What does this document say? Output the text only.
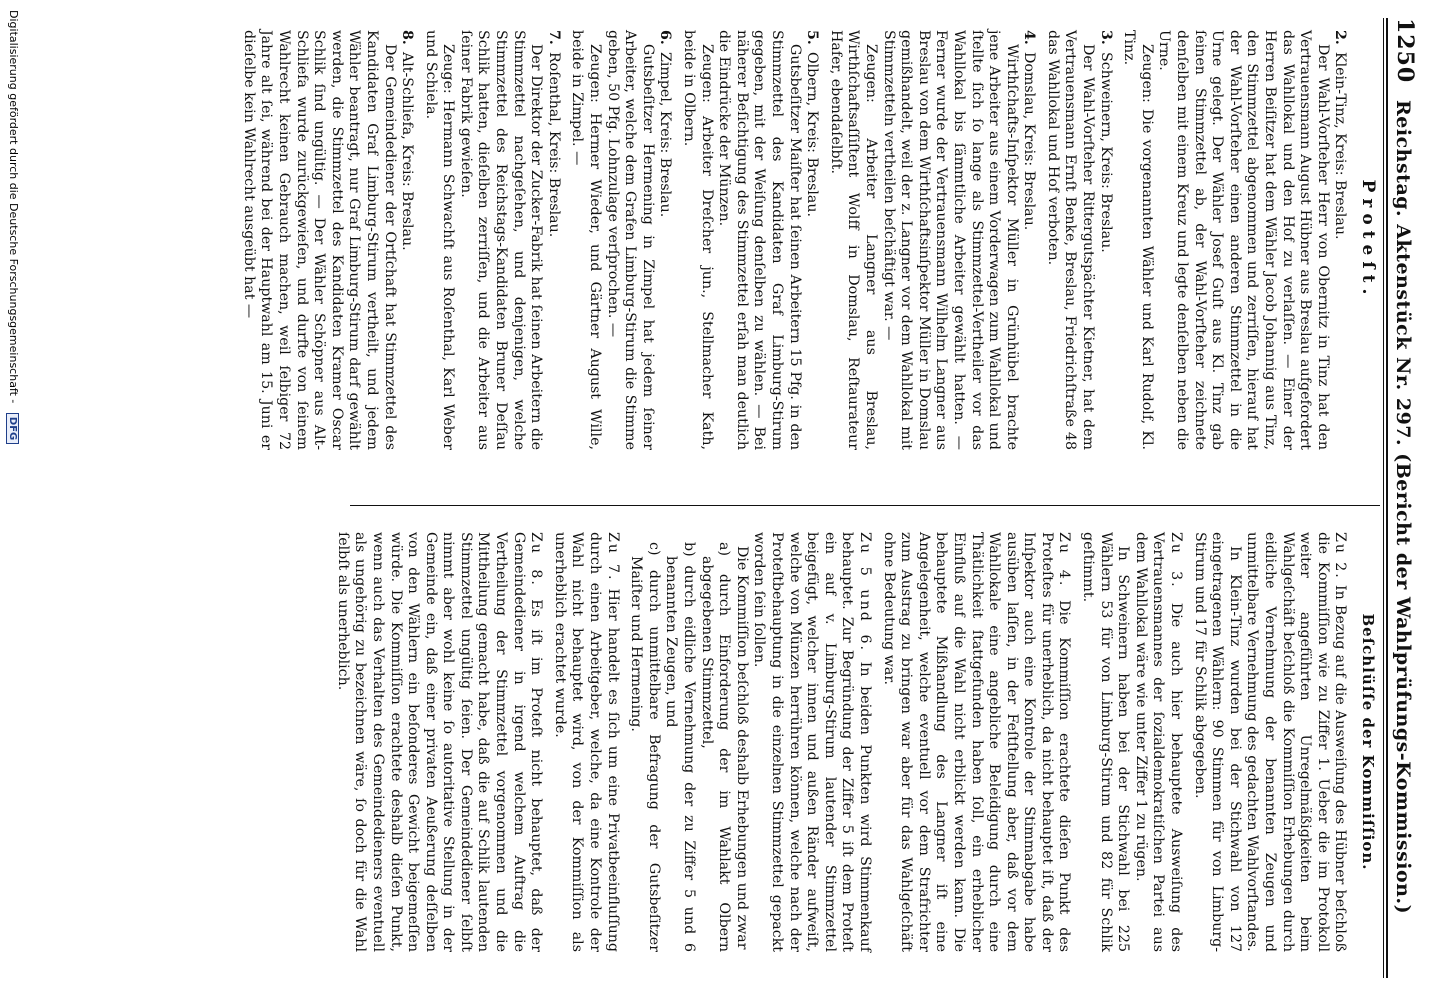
1250
Reichstag. Aktenstück Nr. 297. (Bericht der Wahlprüfungs-Kommission.)
Proteſt.

2.Klein-Tinz, Kreis: Breslau.

Der Wahl-Vorſteher Herr von Obernitz in Tinz hat den Vertrauensmann August Hübner aus Breslau aufgefordert das Wahllokal und den Hof zu verlaſſen. — Einer der Herren Beiſitzer hat dem Wähler Jacob Johannig aus Tinz, den Stimmzettel abgenommen und zerriſſen, hierauf hat der Wahl-Vorſteher einen anderen Stimmzettel in die Urne gelegt. Der Wähler Josef Guſt aus Kl. Tinz gab ſeinen Stimmzettel ab, der Wahl-Vorſteher zeichnete denſelben mit einem Kreuz und legte denſelben neben die Urne.

Zeugen: Die vorgenannten Wähler und Karl Rudolf, Kl. Tinz.

3.Schweinern, Kreis: Breslau.

Der Wahl-Vorſteher Rittergutspächter Kietner, hat dem Vertrauensmann Ernſt Benke, Breslau, Friedrichſtraße 48 das Wahllokal und Hof verboten.

4.Domslau, Kreis: Breslau.

Wirthſchafts-Inſpektor Müller in Grünhübel brachte jene Arbeiter aus einem Vorderwagen zum Wahllokal und ſtellte ſich ſo lange als Stimmzettel-Vertheiler vor das Wahllokal bis ſämmtliche Arbeiter gewählt hatten. — Ferner wurde der Vertrauensmann Wilhelm Langner aus Breslau von dem Wirthſchaftsinſpektor Müller in Domslau gemißhandelt, weil der z. Langner vor dem Wahllokal mit Stimmzetteln vertheilen beſchäftigt war. —

Zeugen: Arbeiter Langner aus Breslau, Wirthſchaftsaſſiſtent Wolff in Domslau, Reſtaurateur Hafer, ebendaſelbſt.

5.Olbern, Kreis: Breslau.

Gutsbeſitzer Maiſter hat ſeinen Arbeitern 15 Pfg. in den Stimmzettel des Kandidaten Graf Limburg-Stirum gegeben, mit der Weiſung denſelben zu wählen. — Bei näherer Beſichtigung des Stimmzettel erſah man deutlich die Eindrücke der Münzen.

Zeugen: Arbeiter Dreſcher jun., Stellmacher Kath, beide in Olbern.

6.Zimpel, Kreis: Breslau.

Gutsbeſitzer Hermening in Zimpel hat jedem ſeiner Arbeiter, welche dem Grafen Limburg-Stirum die Stimme geben, 50 Pfg. Lohnzulage verſprochen. —

Zeugen: Hermer Wieder, und Gärtner August Wille, beide in Zimpel. —

7.Roſenthal, Kreis: Breslau.

Der Direktor der Zucker-Fabrik hat ſeinen Arbeitern die Stimmzettel nachgeſehen, und denjenigen, welche Stimmzettel des Reichstags-Kandidaten Bruner Deſſau Schlik hatten, dieſelben zerriſſen, und die Arbeiter aus ſeiner Fabrik gewieſen.

Zeuge: Hermann Schwachſt aus Roſenthal, Karl Weber und Schiela.

8.Alt-Schliefa, Kreis: Breslau.

Der Gemeindediener der Ortſchaft hat Stimmzettel des Kandidaten Graf Limburg-Stirum vertheilt, und jedem Wähler beantragt, nur Graf Limburg-Stirum darf gewählt werden, die Stimmzettel des Kandidaten Kramer Oscar Schlik ſind ungültig. — Der Wähler Schöpner aus Alt-Schliefa wurde zurückgewieſen, und durfte von ſeinem Wahlrecht keinen Gebrauch machen, weil ſelbiger 72 Jahre alt ſei, während bei der Hauptwahl am 15. Juni er dieſelbe kein Wahlrecht ausgeübt hat —

Beſchlüſſe der Kommiſſion.

Zu 2. In Bezug auf die Ausweiſung des Hübner beſchloß die Kommiſſion wie zu Ziffer 1. Ueber die im Protokoll weiter angeführten Unregelmäßigkeiten beim Wahlgeſchäft beſchloß die Kommiſſion Erhebungen durch eidliche Vernehmung der benannten Zeugen und unmittelbare Vernehmung des gedachten Wahlvorſtandes.

In Klein-Tinz wurden bei der Stichwahl von 127 eingetragenen Wählern: 90 Stimmen für von Limburg-Stirum und 17 für Schlik abgegeben.

Zu 3. Die auch hier behauptete Ausweiſung des Vertrauensmannes der ſozialdemokratiſchen Partei aus dem Wahllokal wäre wie unter Ziffer 1 zu rügen.

In Schweinern haben bei der Stichwahl bei 225 Wählern 53 für von Limburg-Stirum und 82 für Schlik geſtimmt.

Zu 4. Die Kommiſſion erachtete dieſen Punkt des Proteſtes für unerheblich, da nicht behauptet iſt, daß der Inſpektor auch eine Kontrole der Stimmabgabe habe ausüben laſſen, in der Feſtſtellung aber, daß vor dem Wahllokale eine angebliche Beleidigung durch eine Thätlichkeit ſtattgefunden haben ſoll, ein erheblicher Einfluß auf die Wahl nicht erblickt werden kann. Die behauptete Mißhandlung des Langner iſt eine Angelegenheit, welche eventuell vor dem Strafrichter zum Austrag zu bringen war aber für das Wahlgeſchäft ohne Bedeutung war.

Zu 5 und 6. In beiden Punkten wird Stimmenkauf behauptet. Zur Begründung der Ziffer 5 iſt dem Proteſt ein auf v. Limburg-Stirum lautender Stimmzettel beigefügt, welcher innen und außen Ränder aufweiſt, welche von Münzen herrühren können, welche nach der Proteſtbehauptung in die einzelnen Stimmzettel gepackt worden ſein ſollen.

Die Kommiſſion beſchloß deshalb Erhebungen und zwar

a) durch Einforderung der im Wahlakt Olbern abgegebenen Stimmzettel,

b) durch eidliche Vernehmung der zu Ziffer 5 und 6 benannten Zeugen, und

c) durch unmittelbare Befragung der Gutsbeſitzer Maiſter und Hermening.

Zu 7. Hier handelt es ſich um eine Privatbeeinfluſſung durch einen Arbeitgeber, welche, da eine Kontrole der Wahl nicht behauptet wird, von der Kommiſſion als unerheblich erachtet wurde.

Zu 8. Es iſt im Proteſt nicht behauptet, daß der Gemeindediener in irgend welchem Auftrag die Vertheilung der Stimmzettel vorgenommen und die Mittheilung gemacht habe, daß die auf Schlik lautenden Stimmzettel ungültig ſeien. Der Gemeindediener ſelbſt nimmt aber wohl keine ſo autoritative Stellung in der Gemeinde ein, daß einer privaten Aeußerung deſſelben von den Wählern ein beſonderes Gewicht beigemeſſen würde. Die Kommiſſion erachtete deshalb dieſen Punkt, wenn auch das Verhalten des Gemeindedieners eventuell als ungehörig zu bezeichnen wäre, ſo doch für die Wahl ſelbſt als unerheblich.

Digitalisierung gefördert durch die Deutsche Forschungsgemeinschaft - DFG
